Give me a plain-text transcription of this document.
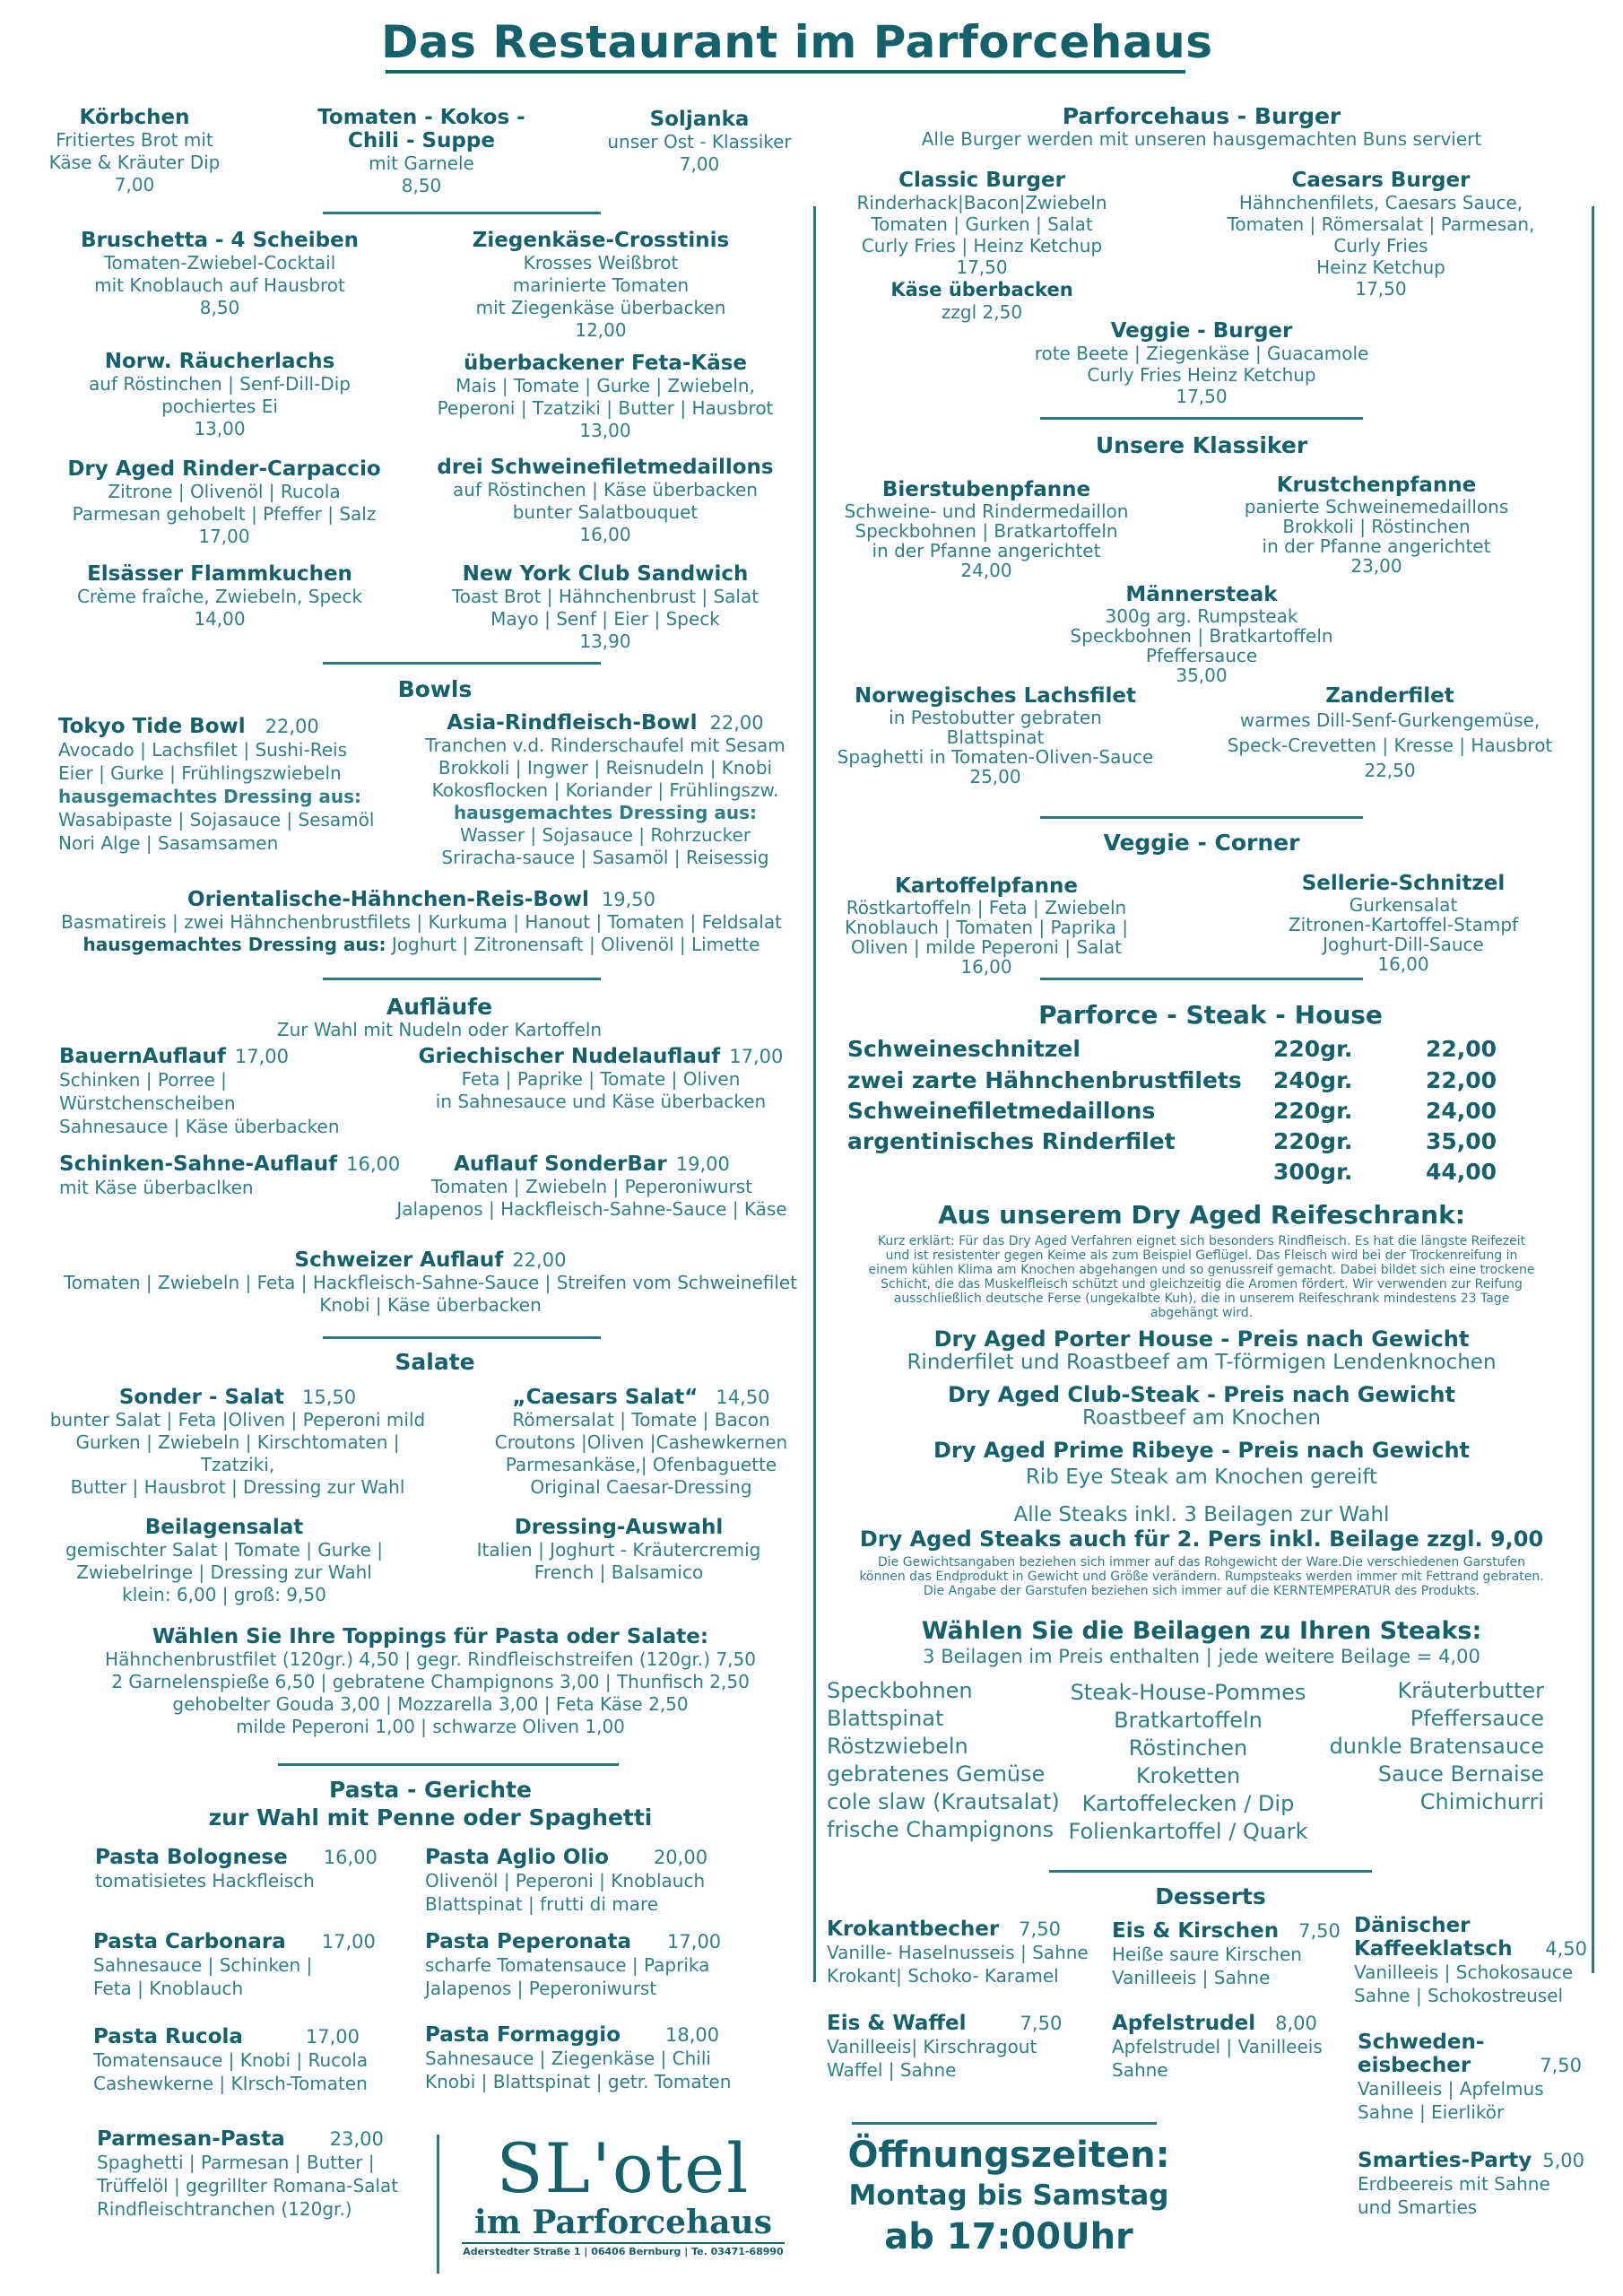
Das Restaurant im Parforcehaus
Körbchen
Fritiertes Brot mit
Käse & Kräuter Dip
7,00
Tomaten - Kokos -
Chili - Suppe
mit Garnele
8,50
Soljanka
unser Ost - Klassiker
7,00
Bruschetta - 4 Scheiben
Tomaten-Zwiebel-Cocktail
mit Knoblauch auf Hausbrot
8,50
Ziegenkäse-Crosstinis
Krosses Weißbrot
marinierte Tomaten
mit Ziegenkäse überbacken
12,00
Norw. Räucherlachs
auf Röstinchen | Senf-Dill-Dip
pochiertes Ei
13,00
überbackener Feta-Käse
Mais | Tomate | Gurke | Zwiebeln,
Peperoni | Tzatziki | Butter | Hausbrot
13,00
Dry Aged Rinder-Carpaccio
Zitrone | Olivenöl | Rucola
Parmesan gehobelt | Pfeffer | Salz
17,00
drei Schweinefiletmedaillons
auf Röstinchen | Käse überbacken
bunter Salatbouquet
16,00
Elsässer Flammkuchen
Crème fraîche, Zwiebeln, Speck
14,00
New York Club Sandwich
Toast Brot | Hähnchenbrust | Salat
Mayo | Senf | Eier | Speck
13,90
Bowls
Tokyo Tide Bowl 22,00
Avocado | Lachsfilet | Sushi-Reis
Eier | Gurke | Frühlingszwiebeln
hausgemachtes Dressing aus:
Wasabipaste | Sojasauce | Sesamöl
Nori Alge | Sasamsamen
Asia-Rindfleisch-Bowl 22,00
Tranchen v.d. Rinderschaufel mit Sesam
Brokkoli | Ingwer | Reisnudeln | Knobi
Kokosflocken | Koriander | Frühlingszw.
hausgemachtes Dressing aus:
Wasser | Sojasauce | Rohrzucker
Sriracha-sauce | Sasamöl | Reisessig
Orientalische-Hähnchen-Reis-Bowl 19,50
Basmatireis | zwei Hähnchenbrustfilets | Kurkuma | Hanout | Tomaten | Feldsalat
hausgemachtes Dressing aus: Joghurt | Zitronensaft | Olivenöl | Limette
Aufläufe
Zur Wahl mit Nudeln oder Kartoffeln
BauernAuflauf 17,00
Schinken | Porree |
Würstchenscheiben
Sahnesauce | Käse überbacken
Griechischer Nudelauflauf 17,00
Feta | Paprike | Tomate | Oliven
in Sahnesauce und Käse überbacken
Schinken-Sahne-Auflauf 16,00
mit Käse überbaclken
Auflauf SonderBar 19,00
Tomaten | Zwiebeln | Peperoniwurst
Jalapenos | Hackfleisch-Sahne-Sauce | Käse
Schweizer Auflauf 22,00
Tomaten | Zwiebeln | Feta | Hackfleisch-Sahne-Sauce | Streifen vom Schweinefilet
Knobi | Käse überbacken
Salate
Sonder - Salat 15,50
bunter Salat | Feta |Oliven | Peperoni mild
Gurken | Zwiebeln | Kirschtomaten | Tzatziki,
Butter | Hausbrot | Dressing zur Wahl
„Caesars Salat“ 14,50
Römersalat | Tomate | Bacon
Croutons |Oliven |Cashewkernen
Parmesankäse,| Ofenbaguette
Original Caesar-Dressing
Beilagensalat
gemischter Salat | Tomate | Gurke |
Zwiebelringe | Dressing zur Wahl
klein: 6,00 | groß: 9,50
Dressing-Auswahl
Italien | Joghurt - Kräutercremig
French | Balsamico
Wählen Sie Ihre Toppings für Pasta oder Salate:
Hähnchenbrustfilet (120gr.) 4,50 | gegr. Rindfleischstreifen (120gr.) 7,50
2 Garnelenspieße 6,50 | gebratene Champignons 3,00 | Thunfisch 2,50
gehobelter Gouda 3,00 | Mozzarella 3,00 | Feta Käse 2,50
milde Peperoni 1,00 | schwarze Oliven 1,00
Pasta - Gerichte
zur Wahl mit Penne oder Spaghetti
Pasta Bolognese 16,00
tomatisietes Hackfleisch
Pasta Aglio Olio 20,00
Olivenöl | Peperoni | Knoblauch
Blattspinat | frutti di mare
Pasta Carbonara 17,00
Sahnesauce | Schinken |
Feta | Knoblauch
Pasta Peperonata 17,00
scharfe Tomatensauce | Paprika
Jalapenos | Peperoniwurst
Pasta Rucola	17,00
Tomatensauce | Knobi | Rucola
Cashewkerne | KIrsch-Tomaten
Pasta Formaggio 18,00
Sahnesauce | Ziegenkäse | Chili
Knobi | Blattspinat | getr. Tomaten
Parmesan-Pasta 23,00
Spaghetti | Parmesan | Butter |
Trüffelöl | gegrillter Romana-Salat
Rindfleischtranchen (120gr.)
SL'otel
im Parforcehaus
Aderstedter Straße 1 | 06406 Bernburg | Te. 03471-68990
Parforcehaus - Burger
Alle Burger werden mit unseren hausgemachten Buns serviert
Classic Burger
Rinderhack|Bacon|Zwiebeln
Tomaten | Gurken | Salat
Curly Fries | Heinz Ketchup
17,50
Käse überbacken
zzgl 2,50
Caesars Burger
Hähnchenfilets, Caesars Sauce,
Tomaten | Römersalat | Parmesan,
Curly Fries
Heinz Ketchup
17,50
Veggie - Burger
rote Beete | Ziegenkäse | Guacamole
Curly Fries Heinz Ketchup
17,50
Unsere Klassiker
Bierstubenpfanne
Schweine- und Rindermedaillon
Speckbohnen | Bratkartoffeln
in der Pfanne angerichtet
24,00
Krustchenpfanne
panierte Schweinemedaillons
Brokkoli | Röstinchen
in der Pfanne angerichtet
23,00
Männersteak
300g arg. Rumpsteak
Speckbohnen | Bratkartoffeln
Pfeffersauce
35,00
Norwegisches Lachsfilet
in Pestobutter gebraten
Blattspinat
Spaghetti in Tomaten-Oliven-Sauce
25,00
Zanderfilet
warmes Dill-Senf-Gurkengemüse,
Speck-Crevetten | Kresse | Hausbrot
22,50
Veggie - Corner
Kartoffelpfanne
Röstkartoffeln | Feta | Zwiebeln
Knoblauch | Tomaten | Paprika |
Oliven | milde Peperoni | Salat
16,00
Sellerie-Schnitzel
Gurkensalat
Zitronen-Kartoffel-Stampf
Joghurt-Dill-Sauce
16,00
Parforce - Steak - House
Schweineschnitzel	220gr.	22,00
zwei zarte Hähnchenbrustfilets 240gr.	22,00
Schweinefiletmedaillons	220gr.	24,00
argentinisches Rinderfilet	220gr.	35,00
300gr.	44,00
Aus unserem Dry Aged Reifeschrank:
Kurz erklärt: Für das Dry Aged Verfahren eignet sich besonders Rindfleisch. Es hat die längste Reifezeit
und ist resistenter gegen Keime als zum Beispiel Geflügel. Das Fleisch wird bei der Trockenreifung in
einem kühlen Klima am Knochen abgehangen und so genussreif gemacht. Dabei bildet sich eine trockene
Schicht, die das Muskelfleisch schützt und gleichzeitig die Aromen fördert. Wir verwenden zur Reifung
ausschließlich deutsche Ferse (ungekalbte Kuh), die in unserem Reifeschrank mindestens 23 Tage
abgehängt wird.
Dry Aged Porter House - Preis nach Gewicht
Rinderfilet und Roastbeef am T-förmigen Lendenknochen
Dry Aged Club-Steak - Preis nach Gewicht
Roastbeef am Knochen
Dry Aged Prime Ribeye - Preis nach Gewicht
Rib Eye Steak am Knochen gereift
Alle Steaks inkl. 3 Beilagen zur Wahl
Dry Aged Steaks auch für 2. Pers inkl. Beilage zzgl. 9,00
Die Gewichtsangaben beziehen sich immer auf das Rohgewicht der Ware.Die verschiedenen Garstufen
können das Endprodukt in Gewicht und Größe verändern. Rumpsteaks werden immer mit Fettrand gebraten.
Die Angabe der Garstufen beziehen sich immer auf die KERNTEMPERATUR des Produkts.
Wählen Sie die Beilagen zu Ihren Steaks:
3 Beilagen im Preis enthalten | jede weitere Beilage = 4,00
Speckbohnen
Blattspinat
Röstzwiebeln
gebratenes Gemüse
cole slaw (Krautsalat)
frische Champignons
Steak-House-Pommes
Bratkartoffeln
Röstinchen
Kroketten
Kartoffelecken / Dip
Folienkartoffel / Quark
Kräuterbutter
Pfeffersauce
dunkle Bratensauce
Sauce Bernaise
Chimichurri
Desserts
Krokantbecher 7,50
Vanille- Haselnusseis | Sahne
Krokant| Schoko- Karamel
Eis & Kirschen 7,50
Heiße saure Kirschen
Vanilleeis | Sahne
Dänischer
Kaffeeklatsch 4,50
Vanilleeis | Schokosauce
Sahne | Schokostreusel
Eis & Waffel	7,50
Vanilleeis| Kirschragout
Waffel | Sahne
Apfelstrudel 8,00
Apfelstrudel | Vanilleeis
Sahne
Schweden-
eisbecher	7,50
Vanilleeis | Apfelmus
Sahne | Eierlikör
Smarties-Party 5,00
Erdbeereis mit Sahne
und Smarties
Öffnungszeiten:
Montag bis Samstag
ab 17:00Uhr
